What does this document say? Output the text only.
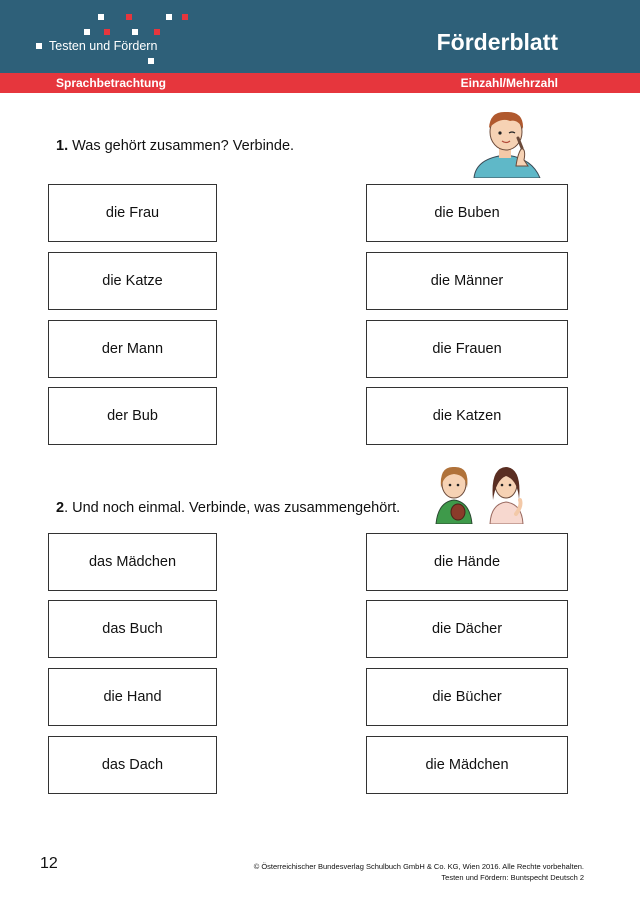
Testen und Fördern	Förderblatt
Sprachbetrachtung	Einzahl/Mehrzahl
1. Was gehört zusammen? Verbinde.
die Frau
die Katze
der Mann
der Bub
die Buben
die Männer
die Frauen
die Katzen
2. Und noch einmal. Verbinde, was zusammengehört.
das Mädchen
das Buch
die Hand
das Dach
die Hände
die Dächer
die Bücher
die Mädchen
12	© Österreichischer Bundesverlag Schulbuch GmbH & Co. KG, Wien 2016. Alle Rechte vorbehalten.
Testen und Fördern: Buntspecht Deutsch 2
